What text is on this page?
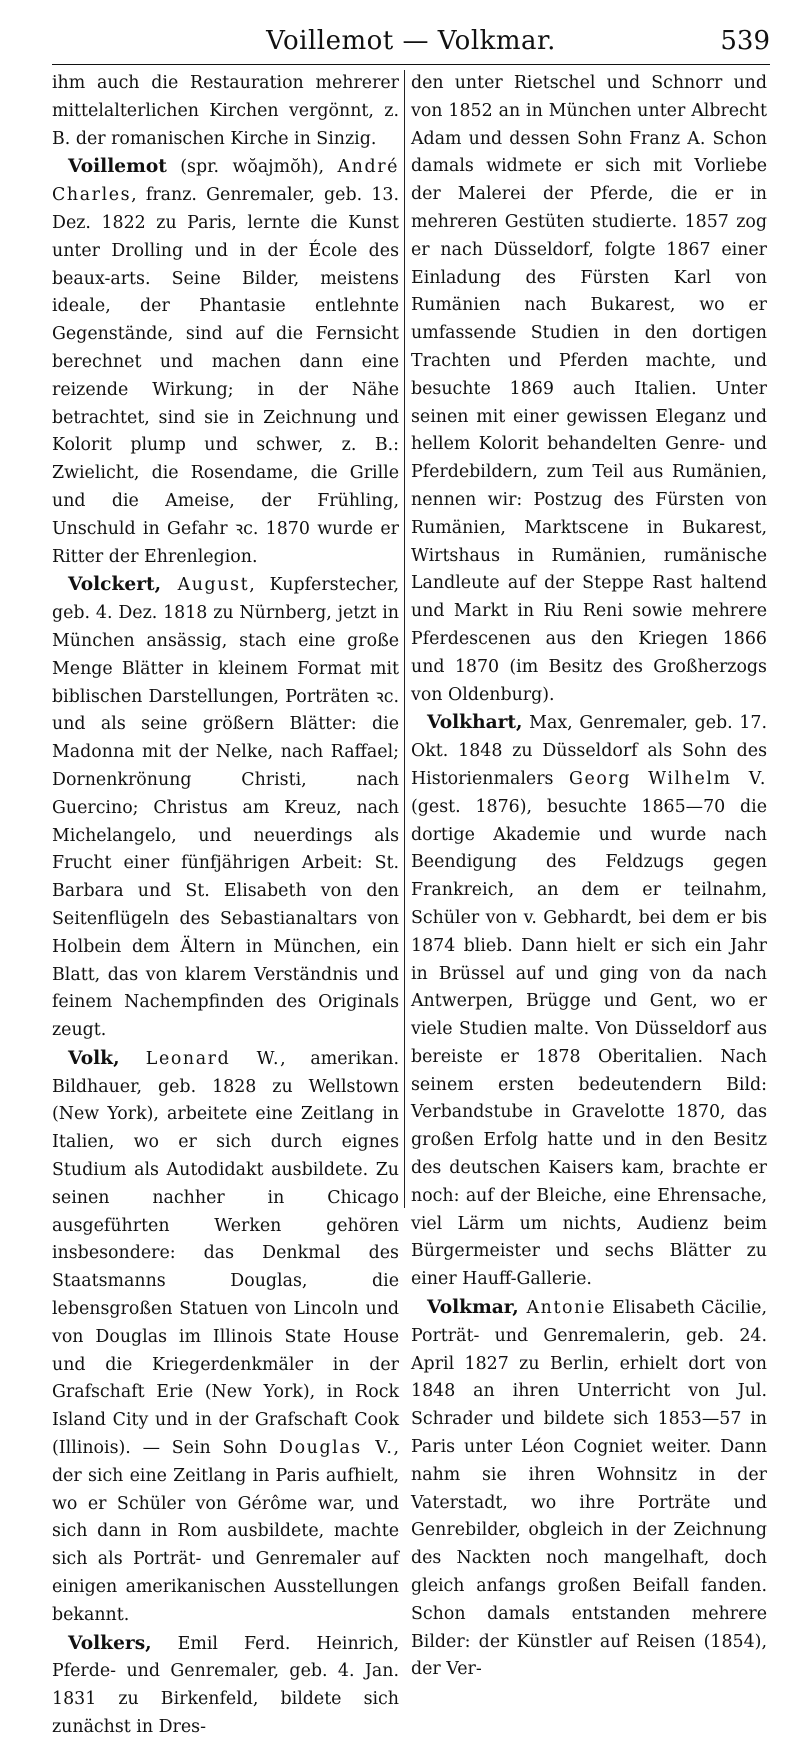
Voillemot — Volkmar.	539

ihm auch die Restauration mehrerer mittelalterlichen Kirchen vergönnt, z. B. der romanischen Kirche in Sinzig.

Voillemot (spr. wŏajmŏh), André Charles, franz. Genremaler, geb. 13. Dez. 1822 zu Paris, lernte die Kunst unter Drolling und in der École des beaux-arts. Seine Bilder, meistens ideale, der Phantasie entlehnte Gegenstände, sind auf die Fernsicht berechnet und machen dann eine reizende Wirkung; in der Nähe betrachtet, sind sie in Zeichnung und Kolorit plump und schwer, z. B.: Zwielicht, die Rosendame, die Grille und die Ameise, der Frühling, Unschuld in Gefahr ꝛc. 1870 wurde er Ritter der Ehrenlegion.

Volckert, August, Kupferstecher, geb. 4. Dez. 1818 zu Nürnberg, jetzt in München ansässig, stach eine große Menge Blätter in kleinem Format mit biblischen Darstellungen, Porträten ꝛc. und als seine größern Blätter: die Madonna mit der Nelke, nach Raffael; Dornenkrönung Christi, nach Guercino; Christus am Kreuz, nach Michelangelo, und neuerdings als Frucht einer fünfjährigen Arbeit: St. Barbara und St. Elisabeth von den Seitenflügeln des Sebastianaltars von Holbein dem Ältern in München, ein Blatt, das von klarem Verständnis und feinem Nachempfinden des Originals zeugt.

Volk, Leonard W., amerikan. Bildhauer, geb. 1828 zu Wellstown (New York), arbeitete eine Zeitlang in Italien, wo er sich durch eignes Studium als Autodidakt ausbildete. Zu seinen nachher in Chicago ausgeführten Werken gehören insbesondere: das Denkmal des Staatsmanns Douglas, die lebensgroßen Statuen von Lincoln und von Douglas im Illinois State House und die Kriegerdenkmäler in der Grafschaft Erie (New York), in Rock Island City und in der Grafschaft Cook (Illinois). — Sein Sohn Douglas V., der sich eine Zeitlang in Paris aufhielt, wo er Schüler von Gérôme war, und sich dann in Rom ausbildete, machte sich als Porträt- und Genremaler auf einigen amerikanischen Ausstellungen bekannt.

Volkers, Emil Ferd. Heinrich, Pferde- und Genremaler, geb. 4. Jan. 1831 zu Birkenfeld, bildete sich zunächst in Dres-

den unter Rietschel und Schnorr und von 1852 an in München unter Albrecht Adam und dessen Sohn Franz A. Schon damals widmete er sich mit Vorliebe der Malerei der Pferde, die er in mehreren Gestüten studierte. 1857 zog er nach Düsseldorf, folgte 1867 einer Einladung des Fürsten Karl von Rumänien nach Bukarest, wo er umfassende Studien in den dortigen Trachten und Pferden machte, und besuchte 1869 auch Italien. Unter seinen mit einer gewissen Eleganz und hellem Kolorit behandelten Genre- und Pferdebildern, zum Teil aus Rumänien, nennen wir: Postzug des Fürsten von Rumänien, Marktscene in Bukarest, Wirtshaus in Rumänien, rumänische Landleute auf der Steppe Rast haltend und Markt in Riu Reni sowie mehrere Pferdescenen aus den Kriegen 1866 und 1870 (im Besitz des Großherzogs von Oldenburg).

Volkhart, Max, Genremaler, geb. 17. Okt. 1848 zu Düsseldorf als Sohn des Historienmalers Georg Wilhelm V. (gest. 1876), besuchte 1865—70 die dortige Akademie und wurde nach Beendigung des Feldzugs gegen Frankreich, an dem er teilnahm, Schüler von v. Gebhardt, bei dem er bis 1874 blieb. Dann hielt er sich ein Jahr in Brüssel auf und ging von da nach Antwerpen, Brügge und Gent, wo er viele Studien malte. Von Düsseldorf aus bereiste er 1878 Oberitalien. Nach seinem ersten bedeutendern Bild: Verbandstube in Gravelotte 1870, das großen Erfolg hatte und in den Besitz des deutschen Kaisers kam, brachte er noch: auf der Bleiche, eine Ehrensache, viel Lärm um nichts, Audienz beim Bürgermeister und sechs Blätter zu einer Hauff-Gallerie.

Volkmar, Antonie Elisabeth Cäcilie, Porträt- und Genremalerin, geb. 24. April 1827 zu Berlin, erhielt dort von 1848 an ihren Unterricht von Jul. Schrader und bildete sich 1853—57 in Paris unter Léon Cogniet weiter. Dann nahm sie ihren Wohnsitz in der Vaterstadt, wo ihre Porträte und Genrebilder, obgleich in der Zeichnung des Nackten noch mangelhaft, doch gleich anfangs großen Beifall fanden. Schon damals entstanden mehrere Bilder: der Künstler auf Reisen (1854), der Ver-
